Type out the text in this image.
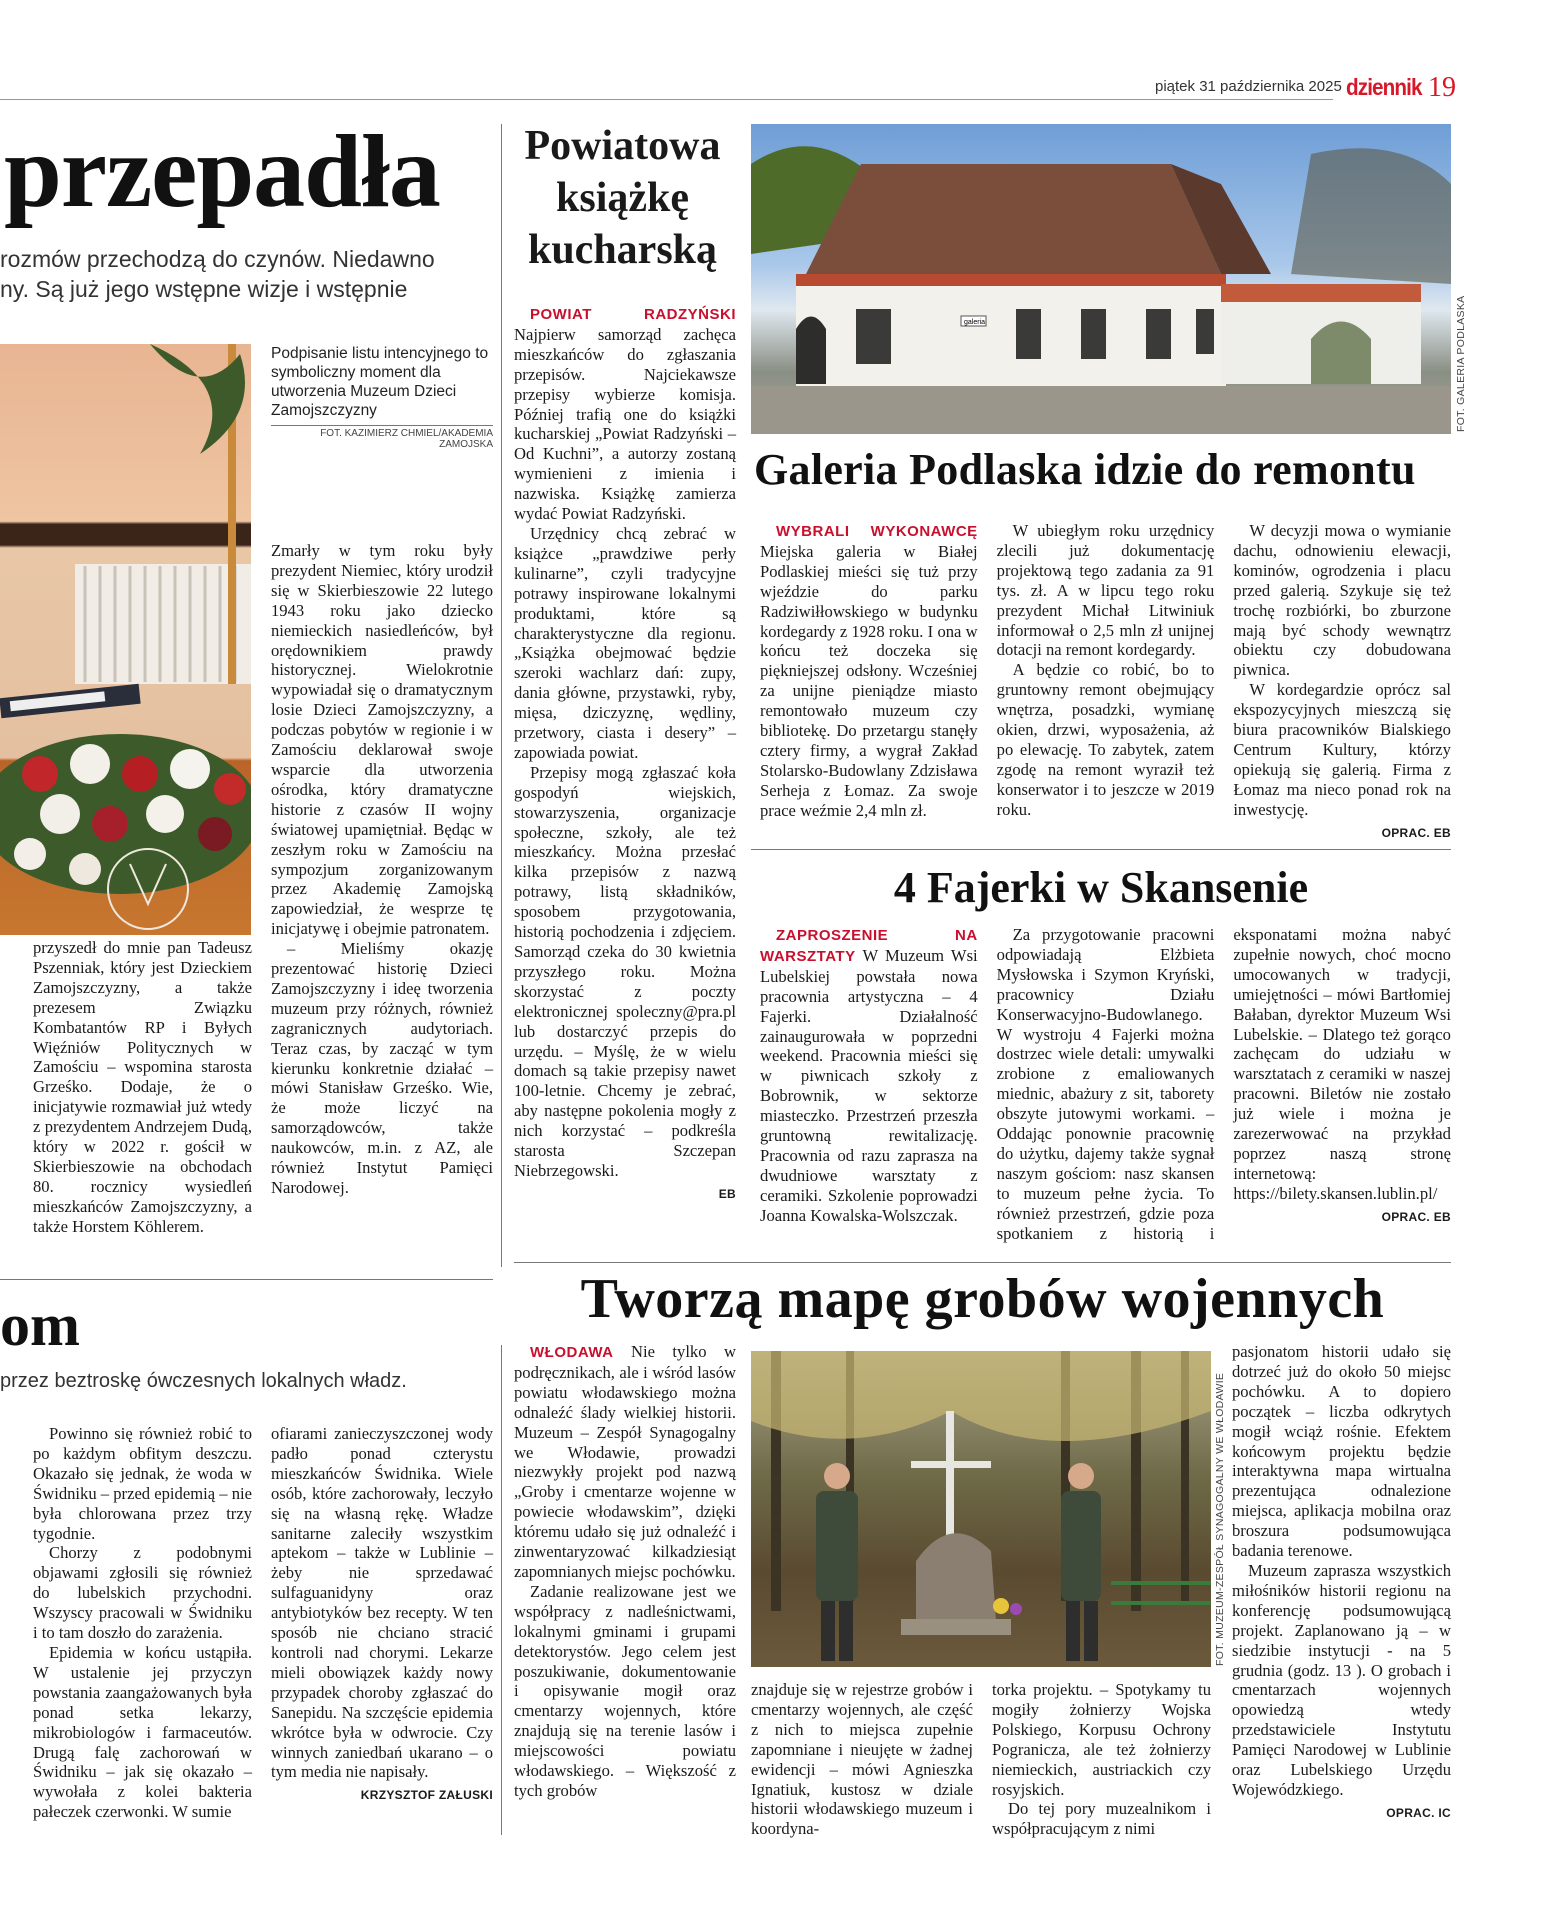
piątek 31 października 2025 dziennik 19
przepadła
rozmów przechodzą do czynów. Niedawno
ny. Są już jego wstępne wizje i wstępnie
Podpisanie listu intencyjnego to symboliczny moment dla utworzenia Muzeum Dzieci Zamojszczyzny
FOT. KAZIMIERZ CHMIEL/AKADEMIA ZAMOJSKA

przyszedł do mnie pan Tadeusz Pszenniak, który jest Dzieckiem Zamojszczyzny, a także prezesem Związku Kombatantów RP i Byłych Więźniów Politycznych w Zamościu – wspomina starosta Grześko. Dodaje, że o inicjatywie rozmawiał już wtedy z prezydentem Andrzejem Dudą, który w 2022 r. gościł w Skierbieszowie na obchodach 80. rocznicy wysiedleń mieszkańców Zamojszczyzny, a także Horstem Köhlerem.

Zmarły w tym roku były prezydent Niemiec, który urodził się w Skierbieszowie 22 lutego 1943 roku jako dziecko niemieckich nasiedleńców, był orędownikiem prawdy historycznej. Wielokrotnie wypowiadał się o dramatycznym losie Dzieci Zamojszczyzny, a podczas pobytów w regionie i w Zamościu deklarował swoje wsparcie dla utworzenia ośrodka, który dramatyczne historie z czasów II wojny światowej upamiętniał. Będąc w zeszłym roku w Zamościu na sympozjum zorganizowanym przez Akademię Zamojską zapowiedział, że wesprze tę inicjatywę i obejmie patronatem.

– Mieliśmy okazję prezentować historię Dzieci Zamojszczyzny i ideę tworzenia muzeum przy różnych, również zagranicznych audytoriach. Teraz czas, by zacząć w tym kierunku konkretnie działać – mówi Stanisław Grześko. Wie, że może liczyć na samorządowców, także naukowców, m.in. z AZ, ale również Instytut Pamięci Narodowej.

om
przez beztroskę ówczesnych lokalnych władz.

Powinno się również robić to po każdym obfitym deszczu. Okazało się jednak, że woda w Świdniku – przed epidemią – nie była chlorowana przez trzy tygodnie.

Chorzy z podobnymi objawami zgłosili się również do lubelskich przychodni. Wszyscy pracowali w Świdniku i to tam doszło do zarażenia.

Epidemia w końcu ustąpiła. W ustalenie jej przyczyn powstania zaangażowanych była ponad setka lekarzy, mikrobiologów i farmaceutów. Drugą falę zachorowań w Świdniku – jak się okazało – wywołała z kolei bakteria pałeczek czerwonki. W sumie

ofiarami zanieczyszczonej wody padło ponad czterystu mieszkańców Świdnika. Wiele osób, które zachorowały, leczyło się na własną rękę. Władze sanitarne zaleciły wszystkim aptekom – także w Lublinie – żeby nie sprzedawać sulfaguanidyny oraz antybiotyków bez recepty. W ten sposób nie chciano stracić kontroli nad chorymi. Lekarze mieli obowiązek każdy nowy przypadek choroby zgłaszać do Sanepidu. Na szczęście epidemia wkrótce była w odwrocie. Czy winnych zaniedbań ukarano – o tym media nie napisały.

KRZYSZTOF ZAŁUSKI
Powiatowa
książkę
kucharską

POWIAT RADZYŃSKI Najpierw samorząd zachęca mieszkańców do zgłaszania przepisów. Najciekawsze przepisy wybierze komisja. Później trafią one do książki kucharskiej „Powiat Radzyński – Od Kuchni”, a autorzy zostaną wymienieni z imienia i nazwiska. Książkę zamierza wydać Powiat Radzyński.

Urzędnicy chcą zebrać w książce „prawdziwe perły kulinarne”, czyli tradycyjne potrawy inspirowane lokalnymi produktami, które są charakterystyczne dla regionu. „Książka obejmować będzie szeroki wachlarz dań: zupy, dania główne, przystawki, ryby, mięsa, dziczyznę, wędliny, przetwory, ciasta i desery” – zapowiada powiat.

Przepisy mogą zgłaszać koła gospodyń wiejskich, stowarzyszenia, organizacje społeczne, szkoły, ale też mieszkańcy. Można przesłać kilka przepisów z nazwą potrawy, listą składników, sposobem przygotowania, historią pochodzenia i zdjęciem. Samorząd czeka do 30 kwietnia przyszłego roku. Można skorzystać z poczty elektronicznej spoleczny@pra.pl lub dostarczyć przepis do urzędu. – Myślę, że w wielu domach są takie przepisy nawet 100-letnie. Chcemy je zebrać, aby następne pokolenia mogły z nich korzystać – podkreśla starosta Szczepan Niebrzegowski.

EB
galeria	FOT. GALERIA PODLASKA
Galeria Podlaska idzie do remontu

WYBRALI WYKONAWCĘ Miejska galeria w Białej Podlaskiej mieści się tuż przy wjeździe do parku Radziwiłłowskiego w budynku kordegardy z 1928 roku. I ona w końcu też doczeka się piękniejszej odsłony. Wcześniej za unijne pieniądze miasto remontowało muzeum czy bibliotekę. Do przetargu stanęły cztery firmy, a wygrał Zakład Stolarsko-Budowlany Zdzisława Serheja z Łomaz. Za swoje prace weźmie 2,4 mln zł.

W ubiegłym roku urzędnicy zlecili już dokumentację projektową tego zadania za 91 tys. zł. A w lipcu tego roku prezydent Michał Litwiniuk informował o 2,5 mln zł unijnej dotacji na remont kordegardy.

A będzie co robić, bo to gruntowny remont obejmujący wnętrza, posadzki, wymianę okien, drzwi, wyposażenia, aż po elewację. To zabytek, zatem zgodę na remont wyraził też konserwator i to jeszcze w 2019 roku.

W decyzji mowa o wymianie dachu, odnowieniu elewacji, kominów, ogrodzenia i placu przed galerią. Szykuje się też trochę rozbiórki, bo zburzone mają być schody wewnątrz obiektu czy dobudowana piwnica.

W kordegardzie oprócz sal ekspozycyjnych mieszczą się biura pracowników Bialskiego Centrum Kultury, którzy opiekują się galerią. Firma z Łomaz ma nieco ponad rok na inwestycję.

OPRAC. EB
4 Fajerki w Skansenie

ZAPROSZENIE NA WARSZTATY W Muzeum Wsi Lubelskiej powstała nowa pracownia artystyczna – 4 Fajerki. Działalność zainaugurowała w poprzedni weekend. Pracownia mieści się w piwnicach szkoły z Bobrownik, w sektorze miasteczko. Przestrzeń przeszła gruntowną rewitalizację. Pracownia od razu zaprasza na dwudniowe warsztaty z ceramiki. Szkolenie poprowadzi Joanna Kowalska-Wolszczak.

Za przygotowanie pracowni odpowiadają Elżbieta Mysłowska i Szymon Kryński, pracownicy Działu Konserwacyjno-Budowlanego. W wystroju 4 Fajerki można dostrzec wiele detali: umywalki zrobione z emaliowanych miednic, abażury z sit, taborety obszyte jutowymi workami. – Oddając ponownie pracownię do użytku, dajemy także sygnał naszym gościom: nasz skansen to muzeum pełne życia. To również przestrzeń, gdzie poza spotkaniem z historią i eksponatami można nabyć zupełnie nowych, choć mocno umocowanych w tradycji, umiejętności – mówi Bartłomiej Bałaban, dyrektor Muzeum Wsi Lubelskie. – Dlatego też gorąco zachęcam do udziału w warsztatach z ceramiki w naszej pracowni. Biletów nie zostało już wiele i można je zarezerwować na przykład poprzez naszą stronę internetową: https://bilety.skansen.lublin.pl/

OPRAC. EB
Tworzą mapę grobów wojennych

WŁODAWA Nie tylko w podręcznikach, ale i wśród lasów powiatu włodawskiego można odnaleźć ślady wielkiej historii. Muzeum – Zespół Synagogalny we Włodawie, prowadzi niezwykły projekt pod nazwą „Groby i cmentarze wojenne w powiecie włodawskim”, dzięki któremu udało się już odnaleźć i zinwentaryzować kilkadziesiąt zapomnianych miejsc pochówku.

Zadanie realizowane jest we współpracy z nadleśnictwami, lokalnymi gminami i grupami detektorystów. Jego celem jest poszukiwanie, dokumentowanie i opisywanie mogił oraz cmentarzy wojennych, które znajdują się na terenie lasów i miejscowości powiatu włodawskiego. – Większość z tych grobów

FOT. MUZEUM-ZESPÓŁ SYNAGOGALNY WE WŁODAWIE

znajduje się w rejestrze grobów i cmentarzy wojennych, ale część z nich to miejsca zupełnie zapomniane i nieujęte w żadnej ewidencji – mówi Agnieszka Ignatiuk, kustosz w dziale historii włodawskiego muzeum i koordyna-

torka projektu. – Spotykamy tu mogiły żołnierzy Wojska Polskiego, Korpusu Ochrony Pogranicza, ale też żołnierzy niemieckich, austriackich czy rosyjskich.

Do tej pory muzealnikom i współpracującym z nimi

pasjonatom historii udało się dotrzeć już do około 50 miejsc pochówku. A to dopiero początek – liczba odkrytych mogił wciąż rośnie. Efektem końcowym projektu będzie interaktywna mapa wirtualna prezentująca odnalezione miejsca, aplikacja mobilna oraz broszura podsumowująca badania terenowe.

Muzeum zaprasza wszystkich miłośników historii regionu na konferencję podsumowującą projekt. Zaplanowano ją – w siedzibie instytucji - na 5 grudnia (godz. 13 ). O grobach i cmentarzach wojennych opowiedzą wtedy przedstawiciele Instytutu Pamięci Narodowej w Lublinie oraz Lubelskiego Urzędu Wojewódzkiego.

OPRAC. IC
